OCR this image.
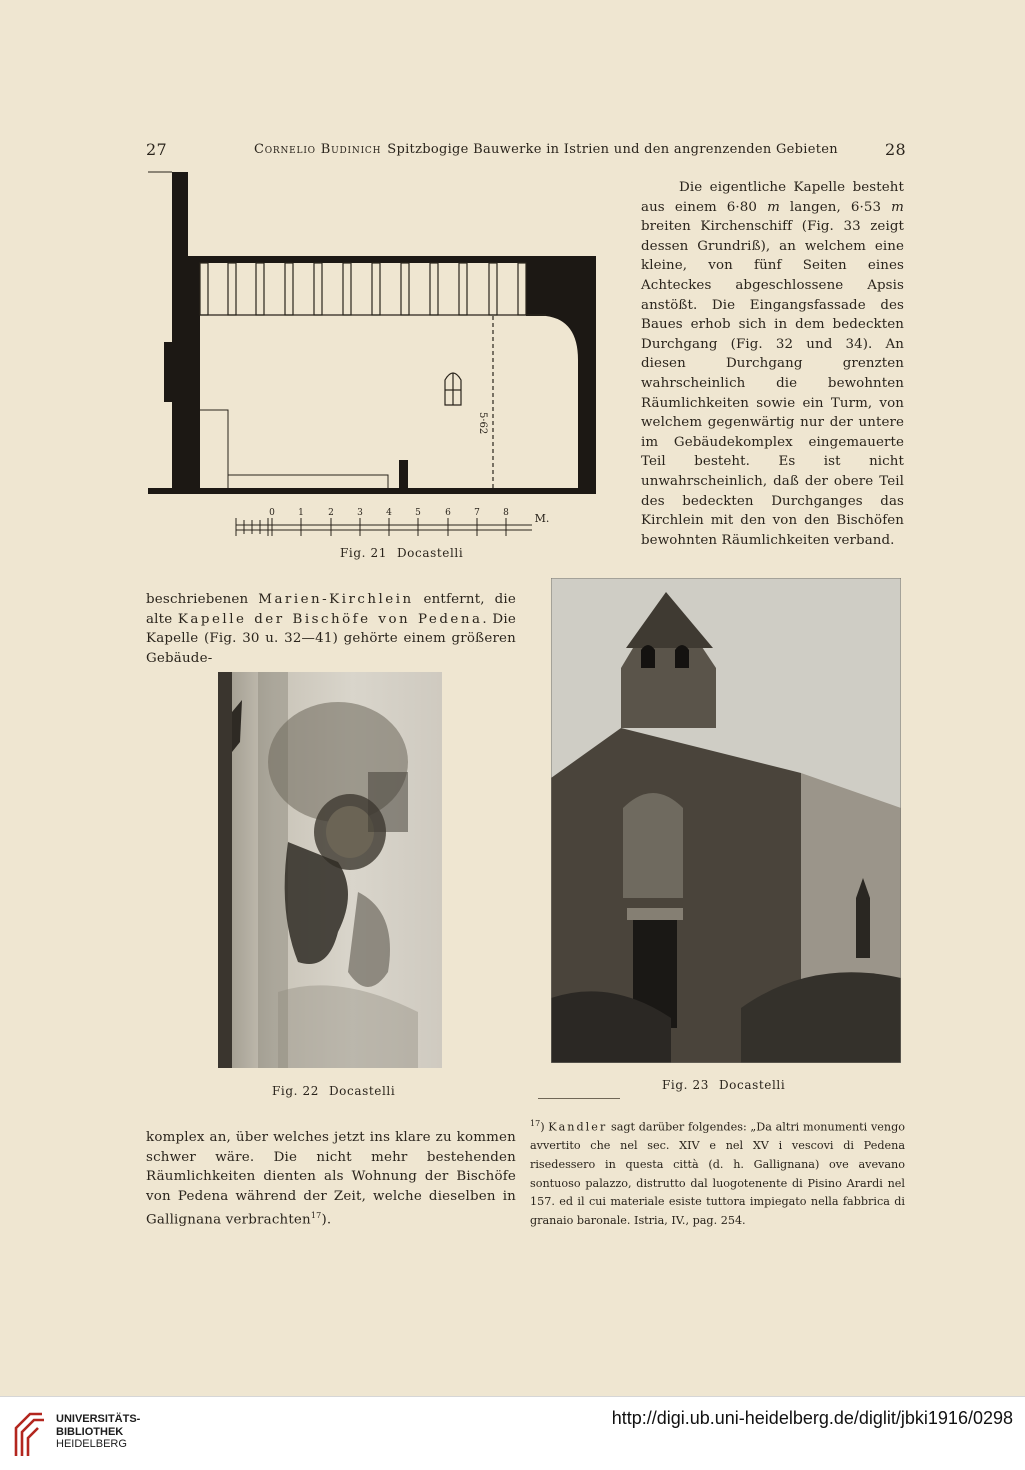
27	Cornelio Budinich Spitzbogige Bauwerke in Istrien und den angrenzenden Gebieten	28
5·62
0	1	2	3	4	5	6	7	8 M.
Fig. 21 Docastelli

Die eigentliche Kapelle besteht aus einem 6·80 m langen, 6·53 m breiten Kirchenschiff (Fig. 33 zeigt dessen Grundriß), an welchem eine kleine, von fünf Seiten eines Achteckes abgeschlossene Apsis anstößt. Die Eingangsfassade des Baues erhob sich in dem bedeckten Durchgang (Fig. 32 und 34). An diesen Durchgang grenzten wahrscheinlich die bewohnten Räumlichkeiten sowie ein Turm, von welchem gegenwärtig nur der untere im Gebäudekomplex eingemauerte Teil besteht. Es ist nicht unwahrscheinlich, daß der obere Teil des bedeckten Durchganges das Kirchlein mit den von den Bischöfen bewohnten Räumlichkeiten verband.

beschriebenen Marien-Kirchlein entfernt, die alte Kapelle der Bischöfe von Pedena. Die Kapelle (Fig. 30 u. 32—41) gehörte einem größeren Gebäude-

Fig. 22 Docastelli	Fig. 23 Docastelli

komplex an, über welches jetzt ins klare zu kommen schwer wäre. Die nicht mehr bestehenden Räumlichkeiten dienten als Wohnung der Bischöfe von Pedena während der Zeit, welche dieselben in Gallignana verbrachten$^{17}$).

$^{17}$) Kandler sagt darüber folgendes: „Da altri monumenti vengo avvertito che nel sec. XIV e nel XV i vescovi di Pedena risedessero in questa città (d. h. Gallignana) ove avevano sontuoso palazzo, distrutto dal luogotenente di Pisino Arardi nel 157. ed il cui materiale esiste tuttora impiegato nella fabbrica di granaio baronale. Istria, IV., pag. 254.

UNIVERSITÄTS-
BIBLIOTHEK
HEIDELBERG
http://digi.ub.uni-heidelberg.de/diglit/jbki1916/0298
